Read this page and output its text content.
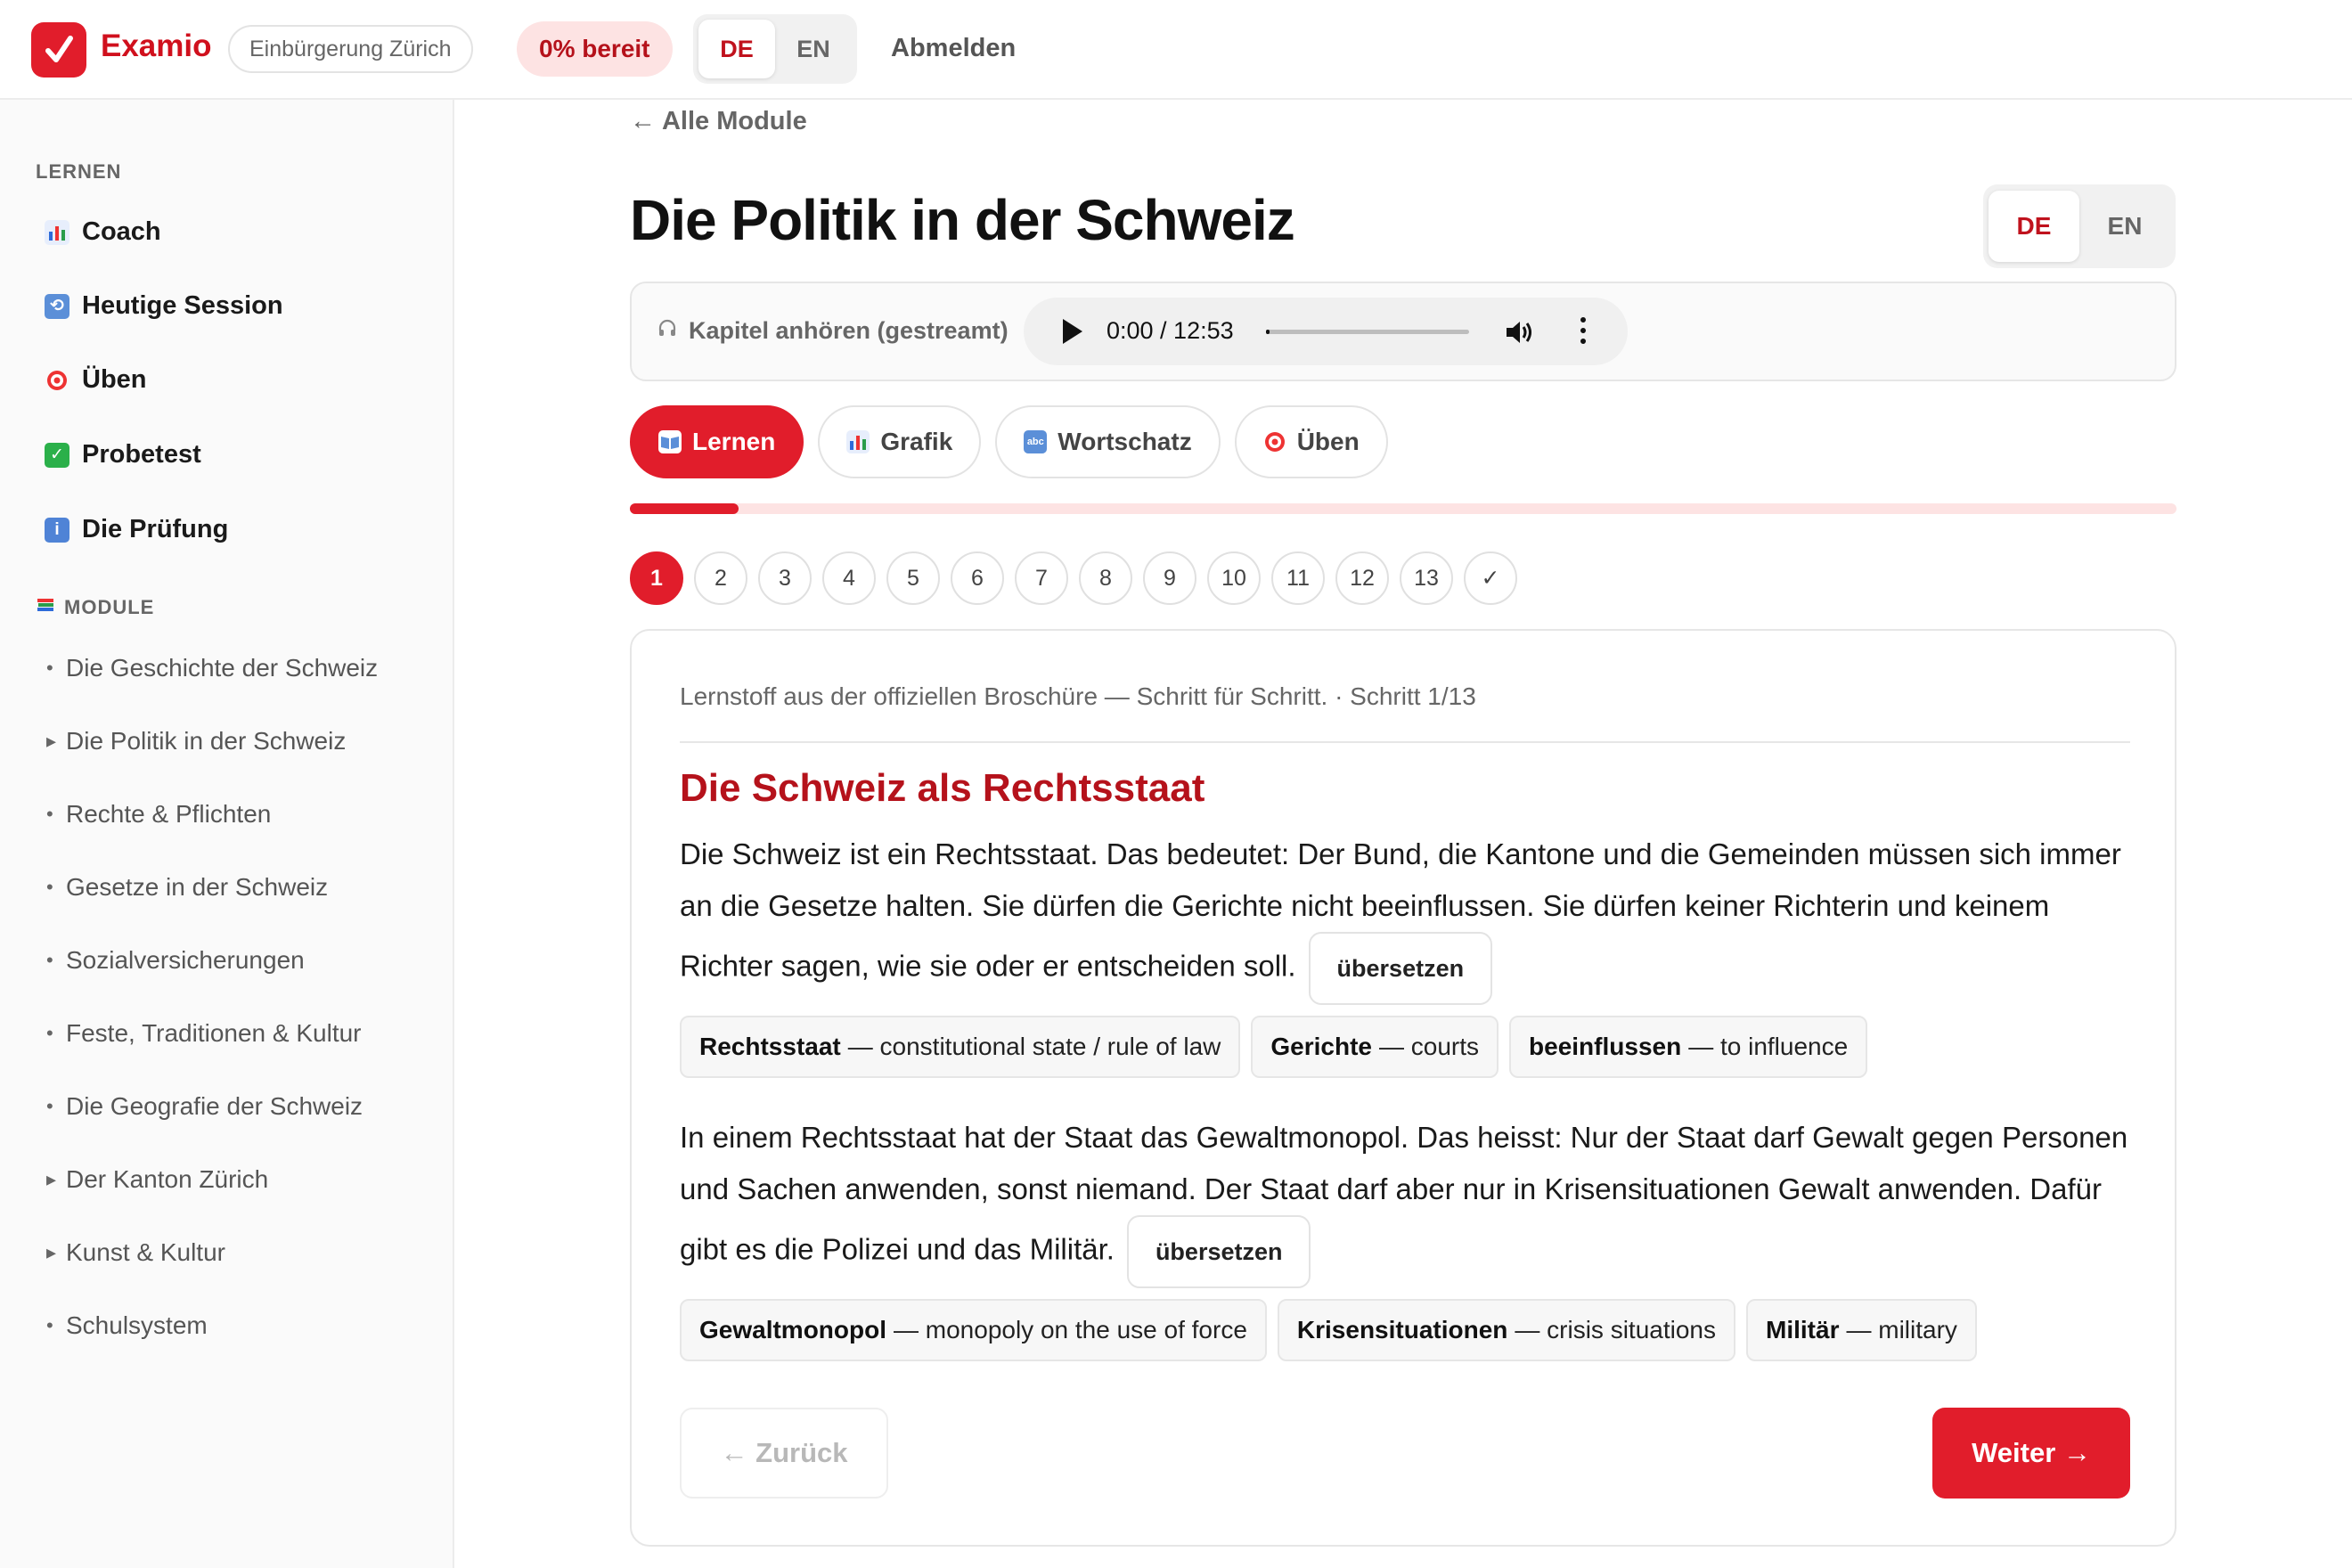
Examio	Einbürgerung Zürich	0% bereit	DE	EN	Abmelden
LERNEN
Coach
⟲ Heutige Session
Üben
✓ Probetest
i Die Prüfung
MODULE
• Die Geschichte der Schweiz
▸ Die Politik in der Schweiz
• Rechte & Pflichten
• Gesetze in der Schweiz
• Sozialversicherungen
• Feste, Traditionen & Kultur
• Die Geografie der Schweiz
▸ Der Kanton Zürich
▸ Kunst & Kultur
• Schulsystem
← Alle Module
Die Politik in der Schweiz	DE	EN
Kapitel anhören (gestreamt)	0:00 / 12:53
Lernen	Grafik	abc Wortschatz	Üben
1	2	3	4	5	6	7	8	9	10	11	12	13	✓
Lernstoff aus der offiziellen Broschüre — Schritt für Schritt. · Schritt 1/13
Die Schweiz als Rechtsstaat
Die Schweiz ist ein Rechtsstaat. Das bedeutet: Der Bund, die Kantone und die Gemeinden müssen sich immer an die Gesetze halten. Sie dürfen die Gerichte nicht beeinflussen. Sie dürfen keiner Richterin und keinem Richter sagen, wie sie oder er entscheiden soll. übersetzen
Rechtsstaat — constitutional state / rule of law Gerichte — courts beeinflussen — to influence
In einem Rechtsstaat hat der Staat das Gewaltmonopol. Das heisst: Nur der Staat darf Gewalt gegen Personen und Sachen anwenden, sonst niemand. Der Staat darf aber nur in Krisensituationen Gewalt anwenden. Dafür gibt es die Polizei und das Militär. übersetzen
Gewaltmonopol — monopoly on the use of force Krisensituationen — crisis situations Militär — military
← Zurück	Weiter →
